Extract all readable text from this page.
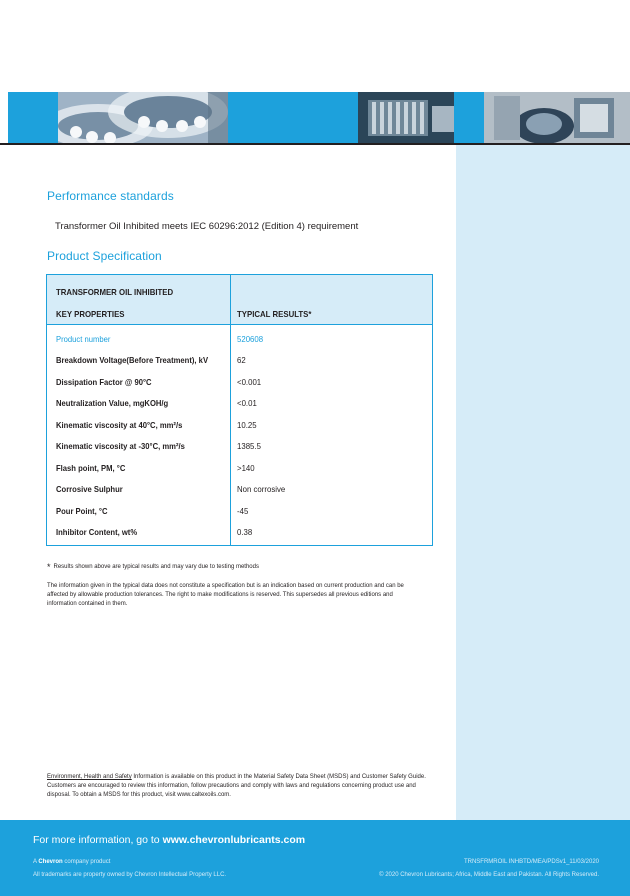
Performance standards
Transformer Oil Inhibited meets IEC 60296:2012 (Edition 4) requirement
Product Specification
TRANSFORMER OIL INHIBITED
KEY PROPERTIES	TYPICAL RESULTS*
Product number	520608
Breakdown Voltage(Before Treatment), kV	62
Dissipation Factor @ 90°C	<0.001
Neutralization Value, mgKOH/g	<0.01
Kinematic viscosity at 40°C, mm²/s	10.25
Kinematic viscosity at -30°C, mm²/s	1385.5
Flash point, PM, °C	>140
Corrosive Sulphur	Non corrosive
Pour Point, °C	-45
Inhibitor Content, wt%	0.38
* Results shown above are typical results and may vary due to testing methods
The information given in the typical data does not constitute a specification but is an indication based on current production and can be affected by allowable production tolerances. The right to make modifications is reserved. This supersedes all previous editions and information contained in them.
Environment, Health and Safety Information is available on this product in the Material Safety Data Sheet (MSDS) and Customer Safety Guide. Customers are encouraged to review this information, follow precautions and comply with laws and regulations concerning product use and disposal. To obtain a MSDS for this product, visit www.caltexoils.com.
For more information, go to www.chevronlubricants.com
A Chevron company product
All trademarks are property owned by Chevron Intellectual Property LLC.
TRNSFRMROIL INHBTD/MEA/PDSv1_11/03/2020
© 2020 Chevron Lubricants; Africa, Middle East and Pakistan. All Rights Reserved.
